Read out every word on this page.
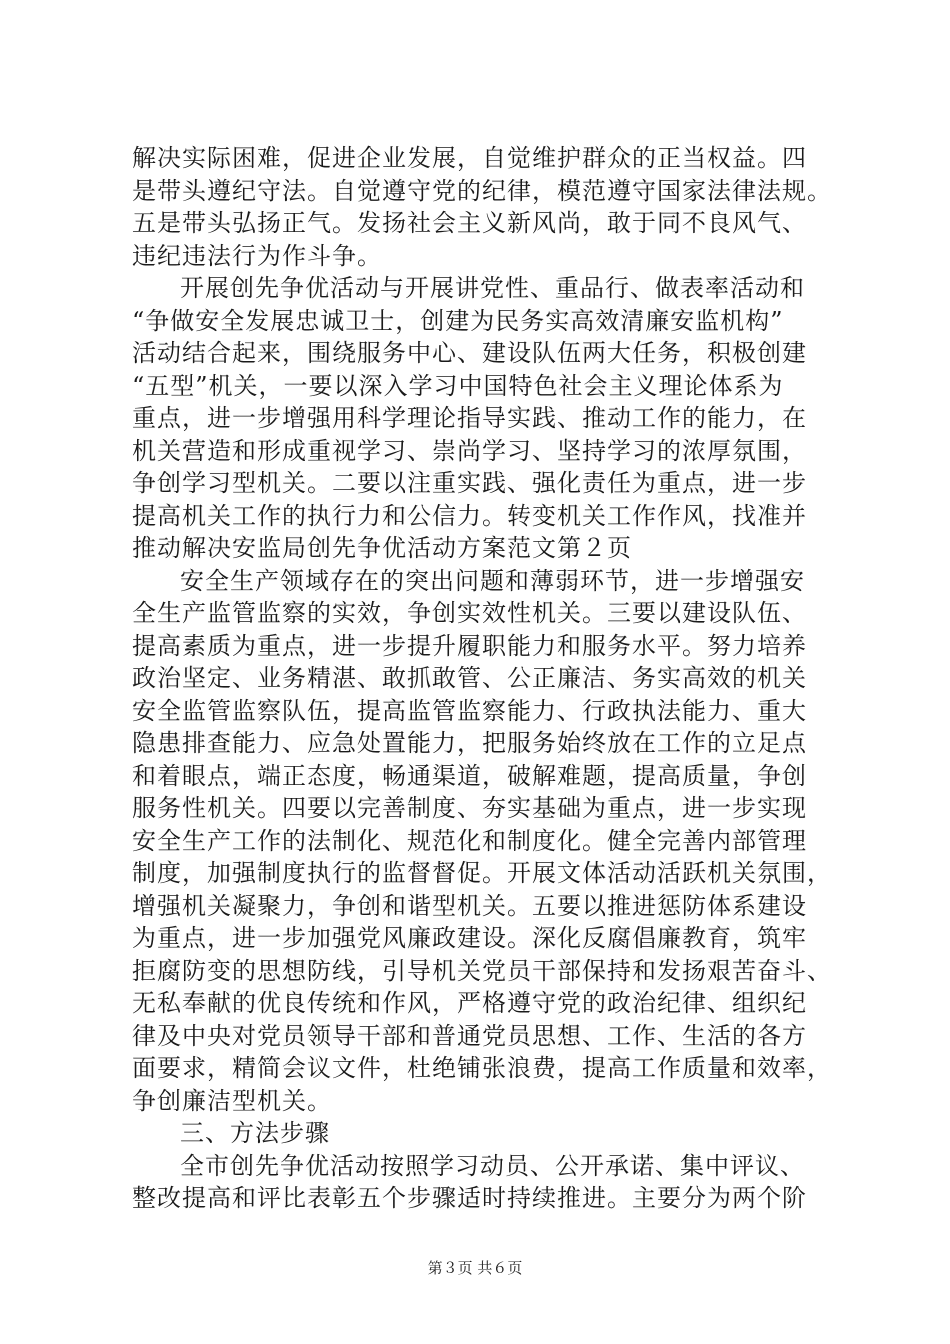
解决实际困难，促进企业发展，自觉维护群众的正当权益。四
是带头遵纪守法。自觉遵守党的纪律，模范遵守国家法律法规。
五是带头弘扬正气。发扬社会主义新风尚，敢于同不良风气、
违纪违法行为作斗争。
开展创先争优活动与开展讲党性、重品行、做表率活动和
“争做安全发展忠诚卫士，创建为民务实高效清廉安监机构”
活动结合起来，围绕服务中心、建设队伍两大任务，积极创建
“五型”机关，一要以深入学习中国特色社会主义理论体系为
重点，进一步增强用科学理论指导实践、推动工作的能力，在
机关营造和形成重视学习、崇尚学习、坚持学习的浓厚氛围，
争创学习型机关。二要以注重实践、强化责任为重点，进一步
提高机关工作的执行力和公信力。转变机关工作作风，找准并
推动解决安监局创先争优活动方案范文第２页
安全生产领域存在的突出问题和薄弱环节，进一步增强安
全生产监管监察的实效，争创实效性机关。三要以建设队伍、
提高素质为重点，进一步提升履职能力和服务水平。努力培养
政治坚定、业务精湛、敢抓敢管、公正廉洁、务实高效的机关
安全监管监察队伍，提高监管监察能力、行政执法能力、重大
隐患排查能力、应急处置能力，把服务始终放在工作的立足点
和着眼点，端正态度，畅通渠道，破解难题，提高质量，争创
服务性机关。四要以完善制度、夯实基础为重点，进一步实现
安全生产工作的法制化、规范化和制度化。健全完善内部管理
制度，加强制度执行的监督督促。开展文体活动活跃机关氛围，
增强机关凝聚力，争创和谐型机关。五要以推进惩防体系建设
为重点，进一步加强党风廉政建设。深化反腐倡廉教育，筑牢
拒腐防变的思想防线，引导机关党员干部保持和发扬艰苦奋斗、
无私奉献的优良传统和作风，严格遵守党的政治纪律、组织纪
律及中央对党员领导干部和普通党员思想、工作、生活的各方
面要求，精简会议文件，杜绝铺张浪费，提高工作质量和效率，
争创廉洁型机关。
三、方法步骤
全市创先争优活动按照学习动员、公开承诺、集中评议、
整改提高和评比表彰五个步骤适时持续推进。主要分为两个阶
第３页 共６页
